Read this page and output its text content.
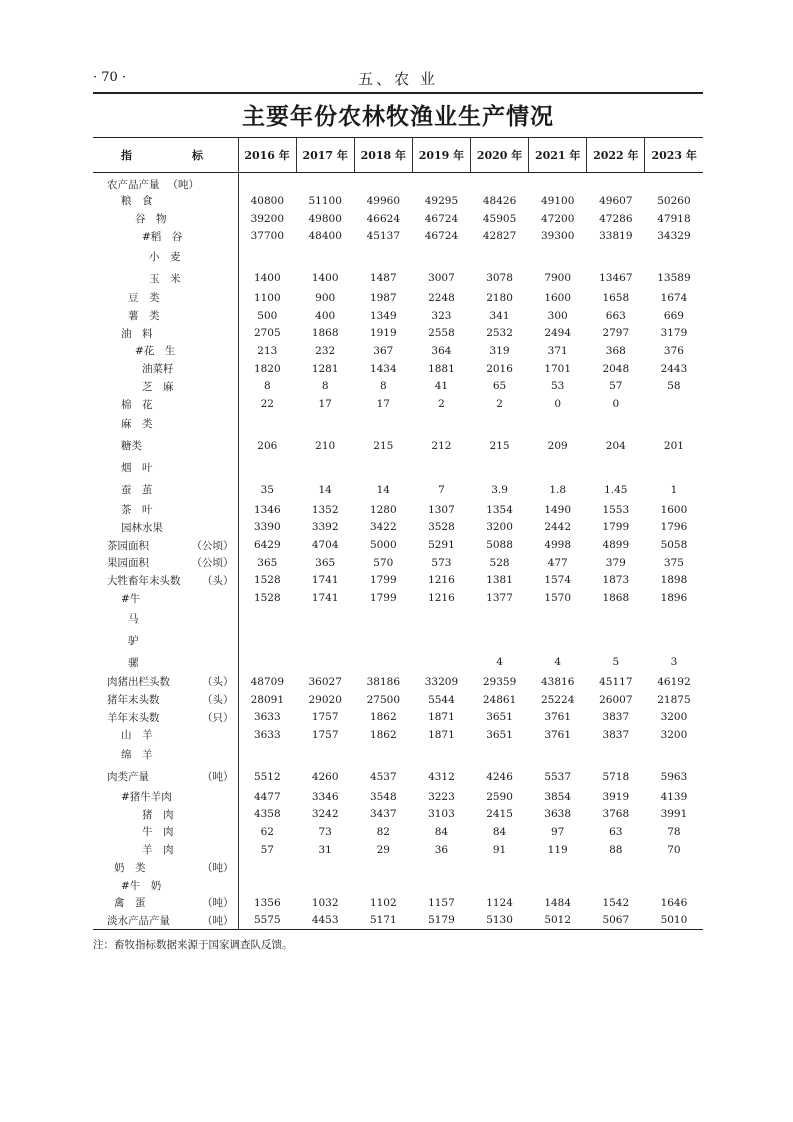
· 70 ·	五、农 业
主要年份农林牧渔业生产情况
指 标	2016 年	2017 年	2018 年	2019 年	2020 年	2021 年	2022 年	2023 年
农产品产量 （吨）								
粮　食	40800	51100	49960	49295	48426	49100	49607	50260
谷　物	39200	49800	46624	46724	45905	47200	47286	47918
#稻　谷	37700	48400	45137	46724	42827	39300	33819	34329
小　麦								
玉　米	1400	1400	1487	3007	3078	7900	13467	13589
豆　类	1100	900	1987	2248	2180	1600	1658	1674
薯　类	500	400	1349	323	341	300	663	669
油　料	2705	1868	1919	2558	2532	2494	2797	3179
#花　生	213	232	367	364	319	371	368	376
油菜籽	1820	1281	1434	1881	2016	1701	2048	2443
芝　麻	8	8	8	41	65	53	57	58
棉　花	22	17	17	2	2	0	0	
麻　类								
糖类	206	210	215	212	215	209	204	201
烟　叶								
蚕　茧	35	14	14	7	3.9	1.8	1.45	1
茶　叶	1346	1352	1280	1307	1354	1490	1553	1600
园林水果	3390	3392	3422	3528	3200	2442	1799	1796
茶园面积 （公顷）	6429	4704	5000	5291	5088	4998	4899	5058
果园面积 （公顷）	365	365	570	573	528	477	379	375
大牲畜年末头数 （头）	1528	1741	1799	1216	1381	1574	1873	1898
#牛	1528	1741	1799	1216	1377	1570	1868	1896
马								
驴								
骡					4	4	5	3
肉猪出栏头数 （头）	48709	36027	38186	33209	29359	43816	45117	46192
猪年末头数 （头）	28091	29020	27500	5544	24861	25224	26007	21875
羊年末头数 （只）	3633	1757	1862	1871	3651	3761	3837	3200
山　羊	3633	1757	1862	1871	3651	3761	3837	3200
绵　羊								
肉类产量 （吨）	5512	4260	4537	4312	4246	5537	5718	5963
#猪牛羊肉	4477	3346	3548	3223	2590	3854	3919	4139
猪　肉	4358	3242	3437	3103	2415	3638	3768	3991
牛　肉	62	73	82	84	84	97	63	78
羊　肉	57	31	29	36	91	119	88	70
奶　类 （吨）								

#牛　奶								
禽　蛋 （吨）	1356	1032	1102	1157	1124	1484	1542	1646
淡水产品产量 （吨）	5575	4453	5171	5179	5130	5012	5067	5010
注：畜牧指标数据来源于国家调查队反馈。
